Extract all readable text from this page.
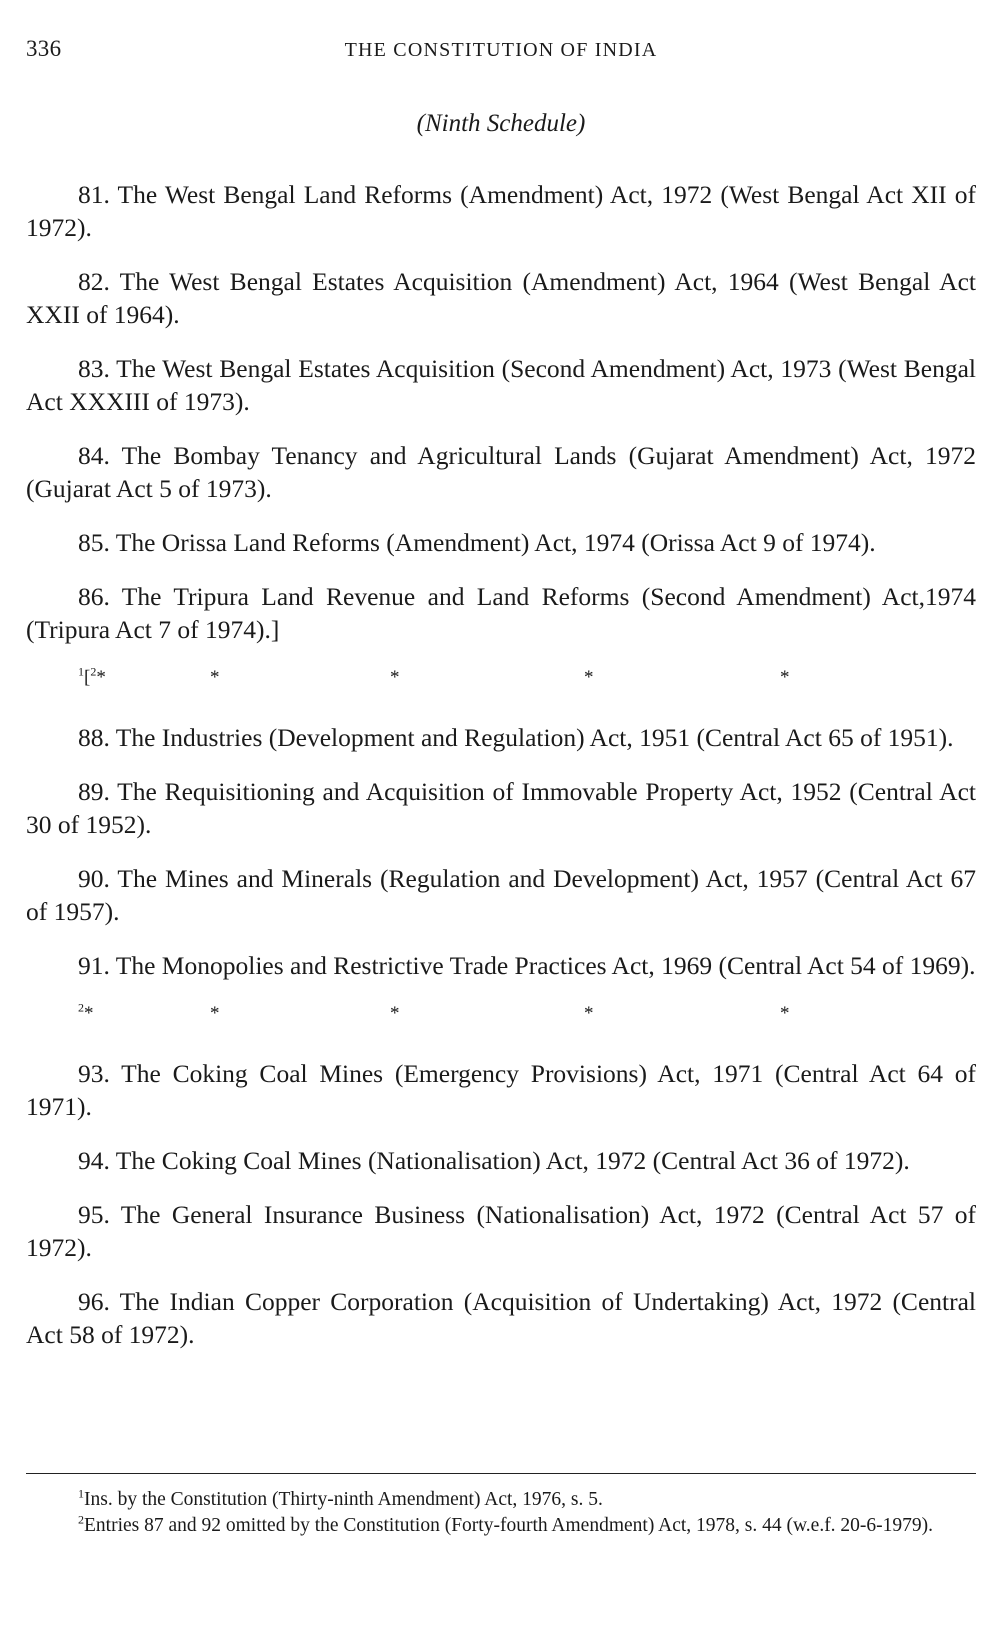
336	THE CONSTITUTION OF INDIA
(Ninth Schedule)

81. The West Bengal Land Reforms (Amendment) Act, 1972 (West Bengal Act XII of 1972).

82. The West Bengal Estates Acquisition (Amendment) Act, 1964 (West Bengal Act XXII of 1964).

83. The West Bengal Estates Acquisition (Second Amendment) Act, 1973 (West Bengal Act XXXIII of 1973).

84. The Bombay Tenancy and Agricultural Lands (Gujarat Amendment) Act, 1972 (Gujarat Act 5 of 1973).

85. The Orissa Land Reforms (Amendment) Act, 1974 (Orissa Act 9 of 1974).

86. The Tripura Land Revenue and Land Reforms (Second Amendment) Act,1974 (Tripura Act 7 of 1974).]

$^1$[$^2$*	*	*	*	*

88. The Industries (Development and Regulation) Act, 1951 (Central Act 65 of 1951).

89. The Requisitioning and Acquisition of Immovable Property Act, 1952 (Central Act 30 of 1952).

90. The Mines and Minerals (Regulation and Development) Act, 1957 (Central Act 67 of 1957).

91. The Monopolies and Restrictive Trade Practices Act, 1969 (Central Act 54 of 1969).

$^2$*	*	*	*	*

93. The Coking Coal Mines (Emergency Provisions) Act, 1971 (Central Act 64 of 1971).

94. The Coking Coal Mines (Nationalisation) Act, 1972 (Central Act 36 of 1972).

95. The General Insurance Business (Nationalisation) Act, 1972 (Central Act 57 of 1972).

96. The Indian Copper Corporation (Acquisition of Undertaking) Act, 1972 (Central Act 58 of 1972).

$^1$Ins. by the Constitution (Thirty-ninth Amendment) Act, 1976, s. 5.

$^2$Entries 87 and 92 omitted by the Constitution (Forty-fourth Amendment) Act, 1978, s. 44 (w.e.f. 20-6-1979).
